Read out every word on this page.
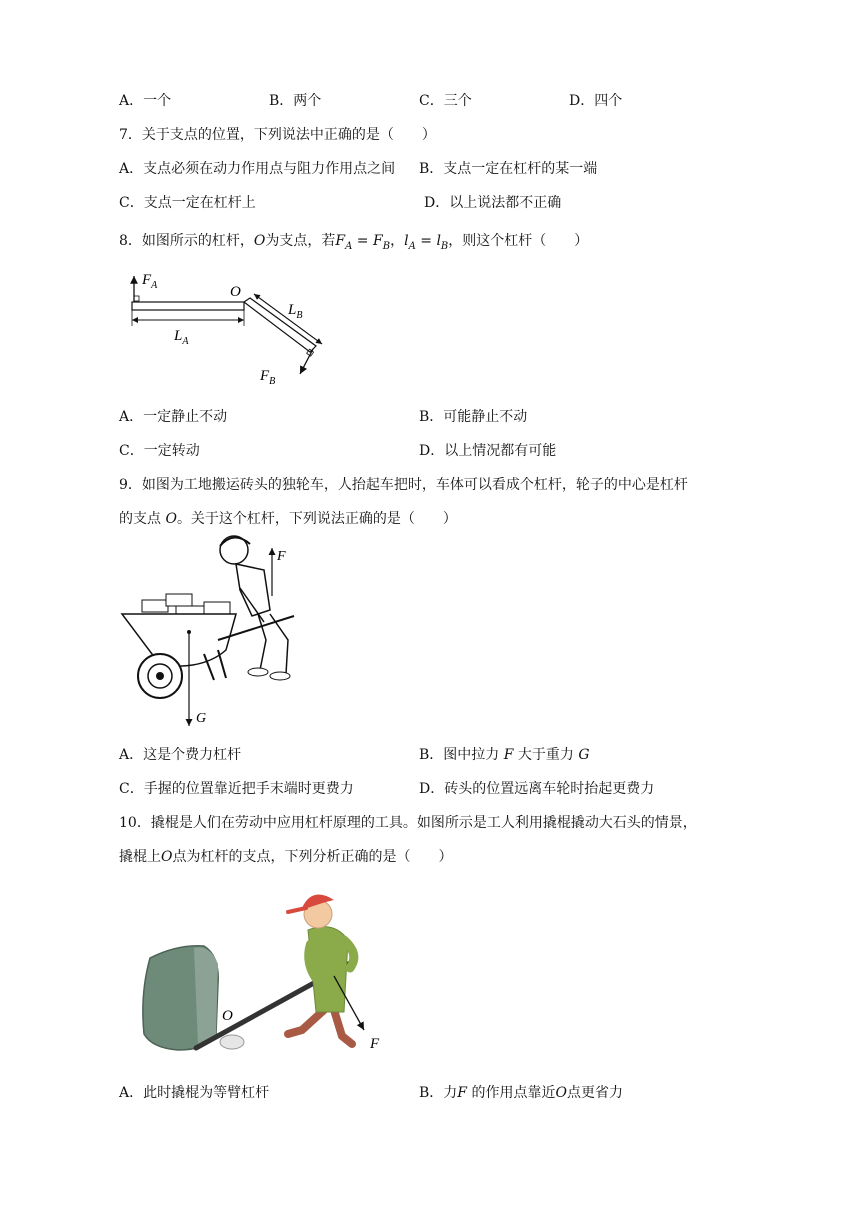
A．一个	B．两个	C．三个	D．四个
7．关于支点的位置，下列说法中正确的是（　　）
A．支点必须在动力作用点与阻力作用点之间 B．支点一定在杠杆的某一端
C．支点一定在杠杆上	D．以上说法都不正确
8．如图所示的杠杆，O为支点，若$F_A = F_B$，$l_A = l_B$，则这个杠杆（　　）
$F_A$	O
$L_A$
$L_B$
$F_B$
A．一定静止不动	B．可能静止不动
C．一定转动	D．以上情况都有可能
9．如图为工地搬运砖头的独轮车，人抬起车把时，车体可以看成个杠杆，轮子的中心是杠杆
的支点 O。关于这个杠杆，下列说法正确的是（　　）
F
G
A．这是个费力杠杆	B．图中拉力 F 大于重力 G
C．手握的位置靠近把手末端时更费力	D．砖头的位置远离车轮时抬起更费力
10．撬棍是人们在劳动中应用杠杆原理的工具。如图所示是工人利用撬棍撬动大石头的情景，
撬棍上O点为杠杆的支点，下列分析正确的是（　　）
O
F
A．此时撬棍为等臂杠杆	B．力F 的作用点靠近O点更省力
